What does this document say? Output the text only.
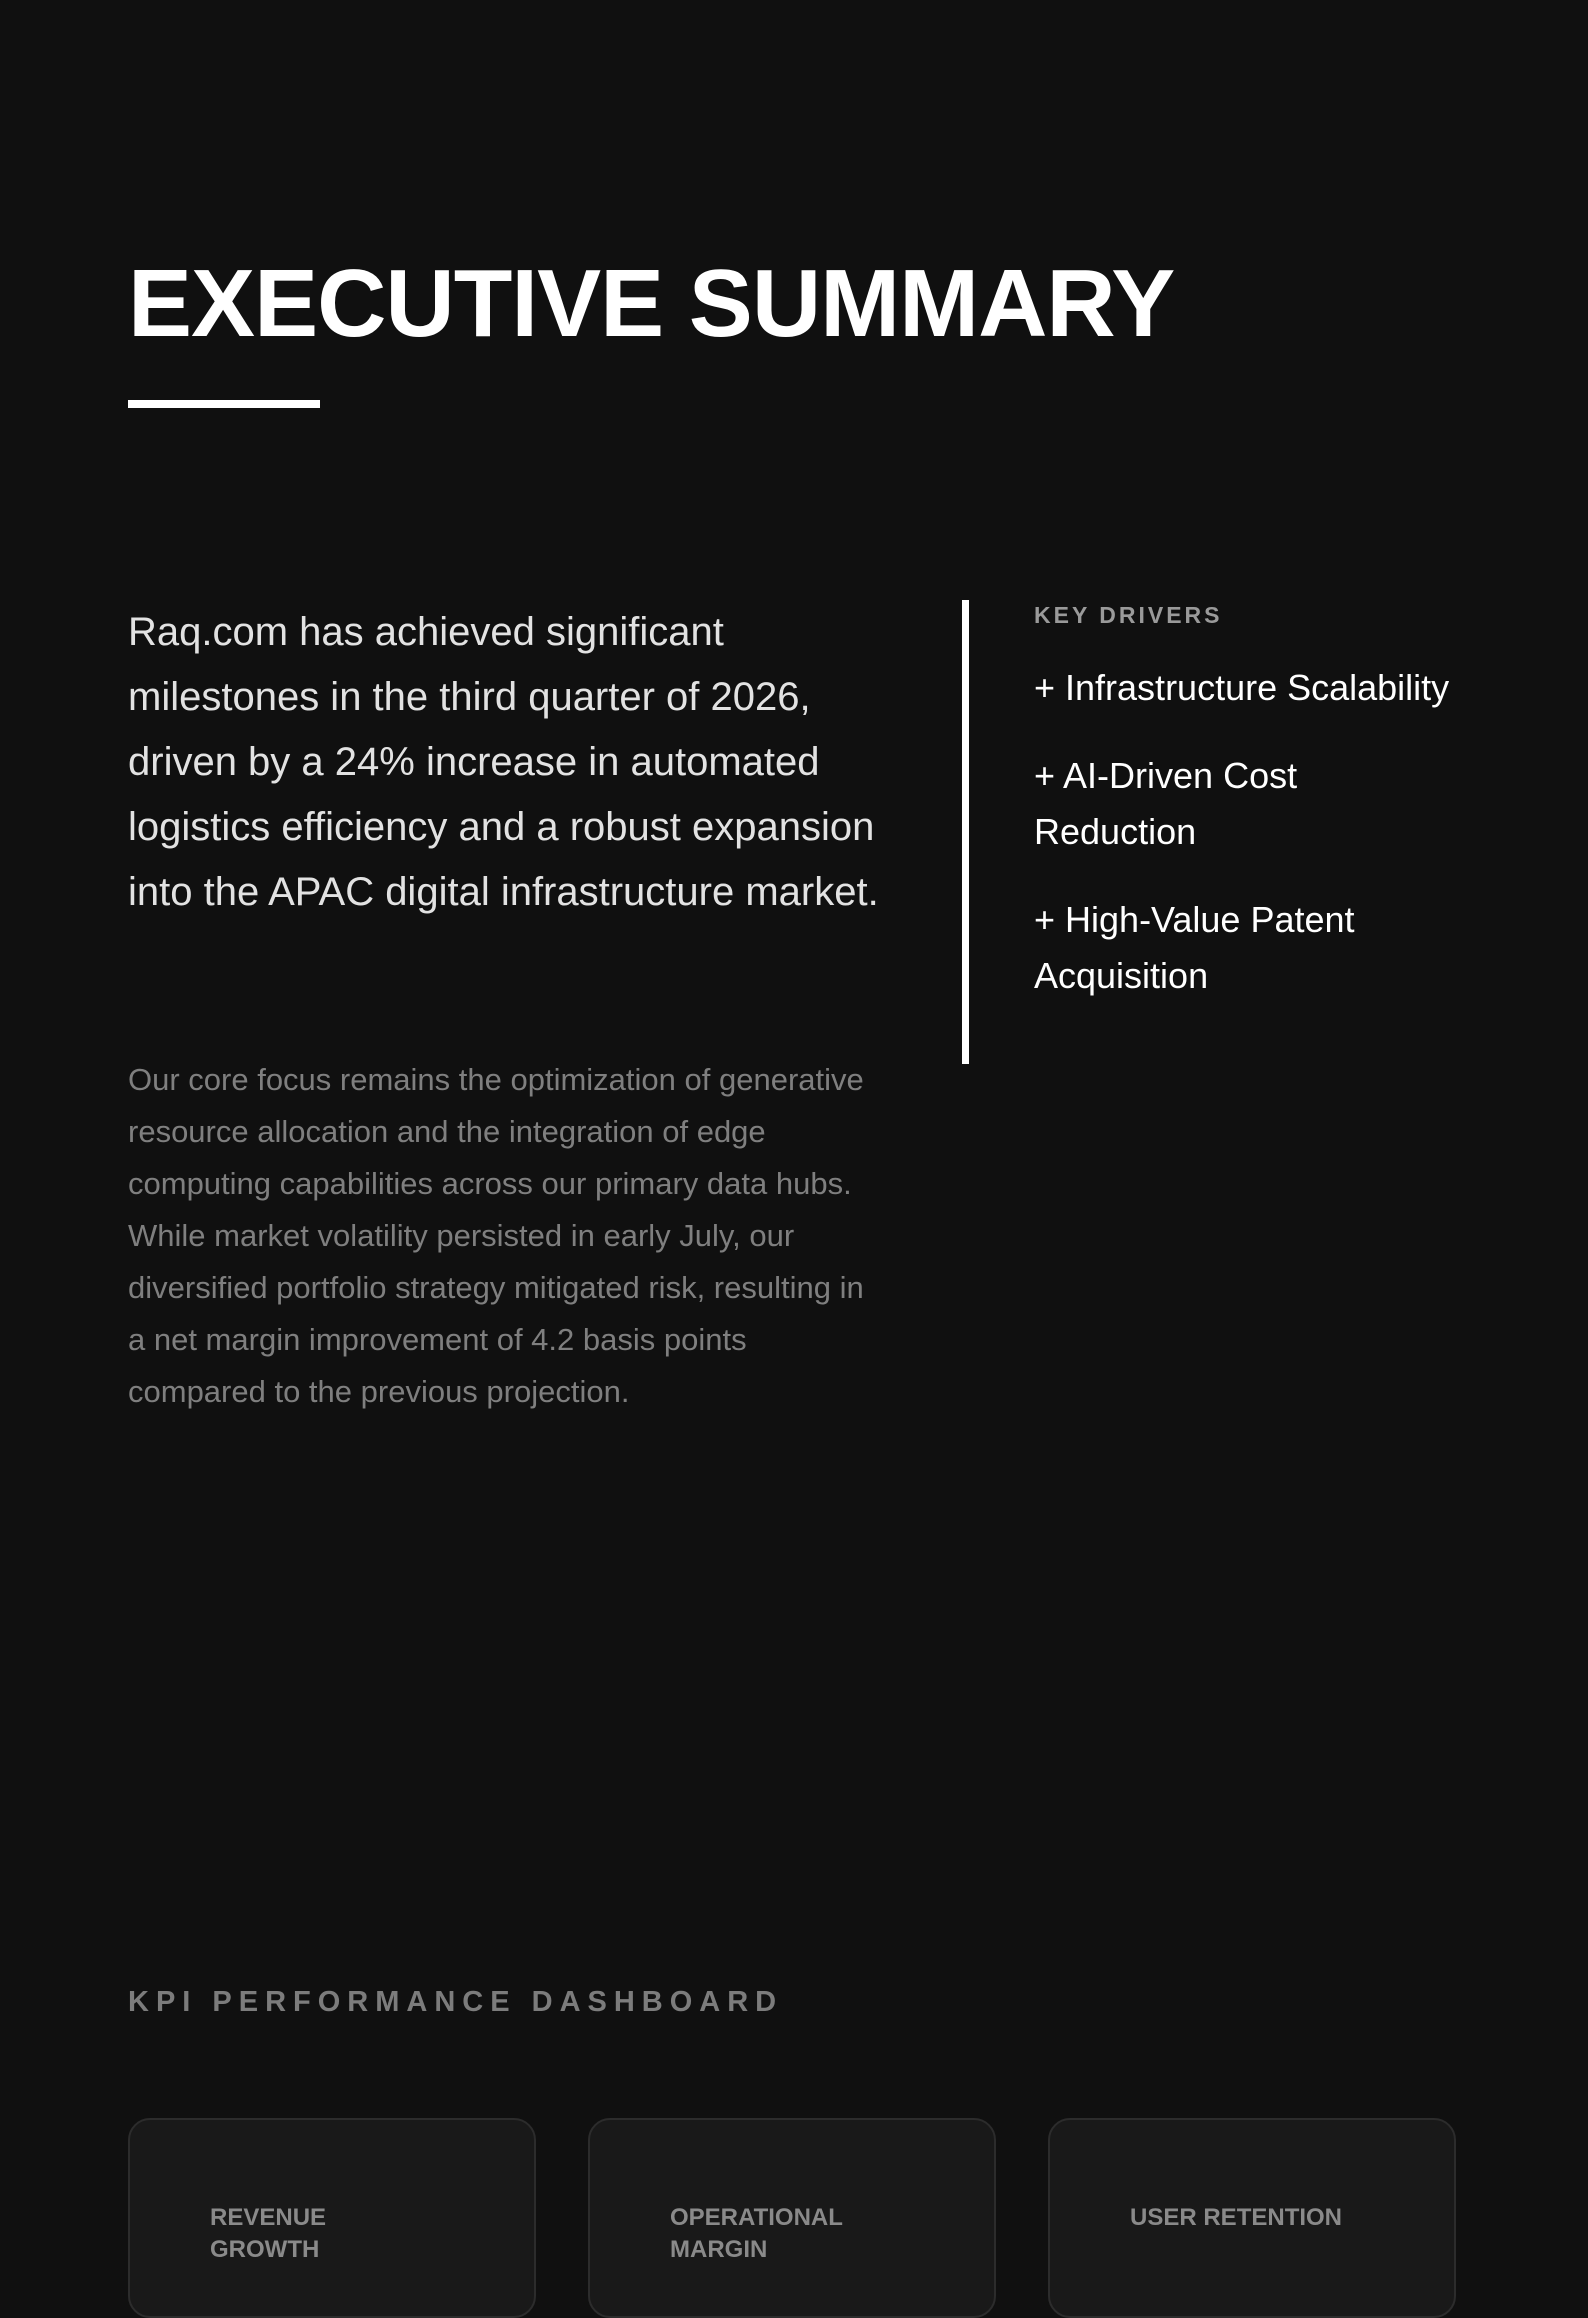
EXECUTIVE SUMMARY

Raq.com has achieved significant milestones in the third quarter of 2026, driven by a 24% increase in automated logistics efficiency and a robust expansion into the APAC digital infrastructure market.

Our core focus remains the optimization of generative resource allocation and the integration of edge computing capabilities across our primary data hubs. While market volatility persisted in early July, our diversified portfolio strategy mitigated risk, resulting in a net margin improvement of 4.2 basis points compared to the previous projection.

KEY DRIVERS
+ Infrastructure Scalability
+ AI-Driven Cost Reduction
+ High-Value Patent Acquisition
KPI PERFORMANCE DASHBOARD

REVENUE GROWTH

OPERATIONAL MARGIN

USER RETENTION
